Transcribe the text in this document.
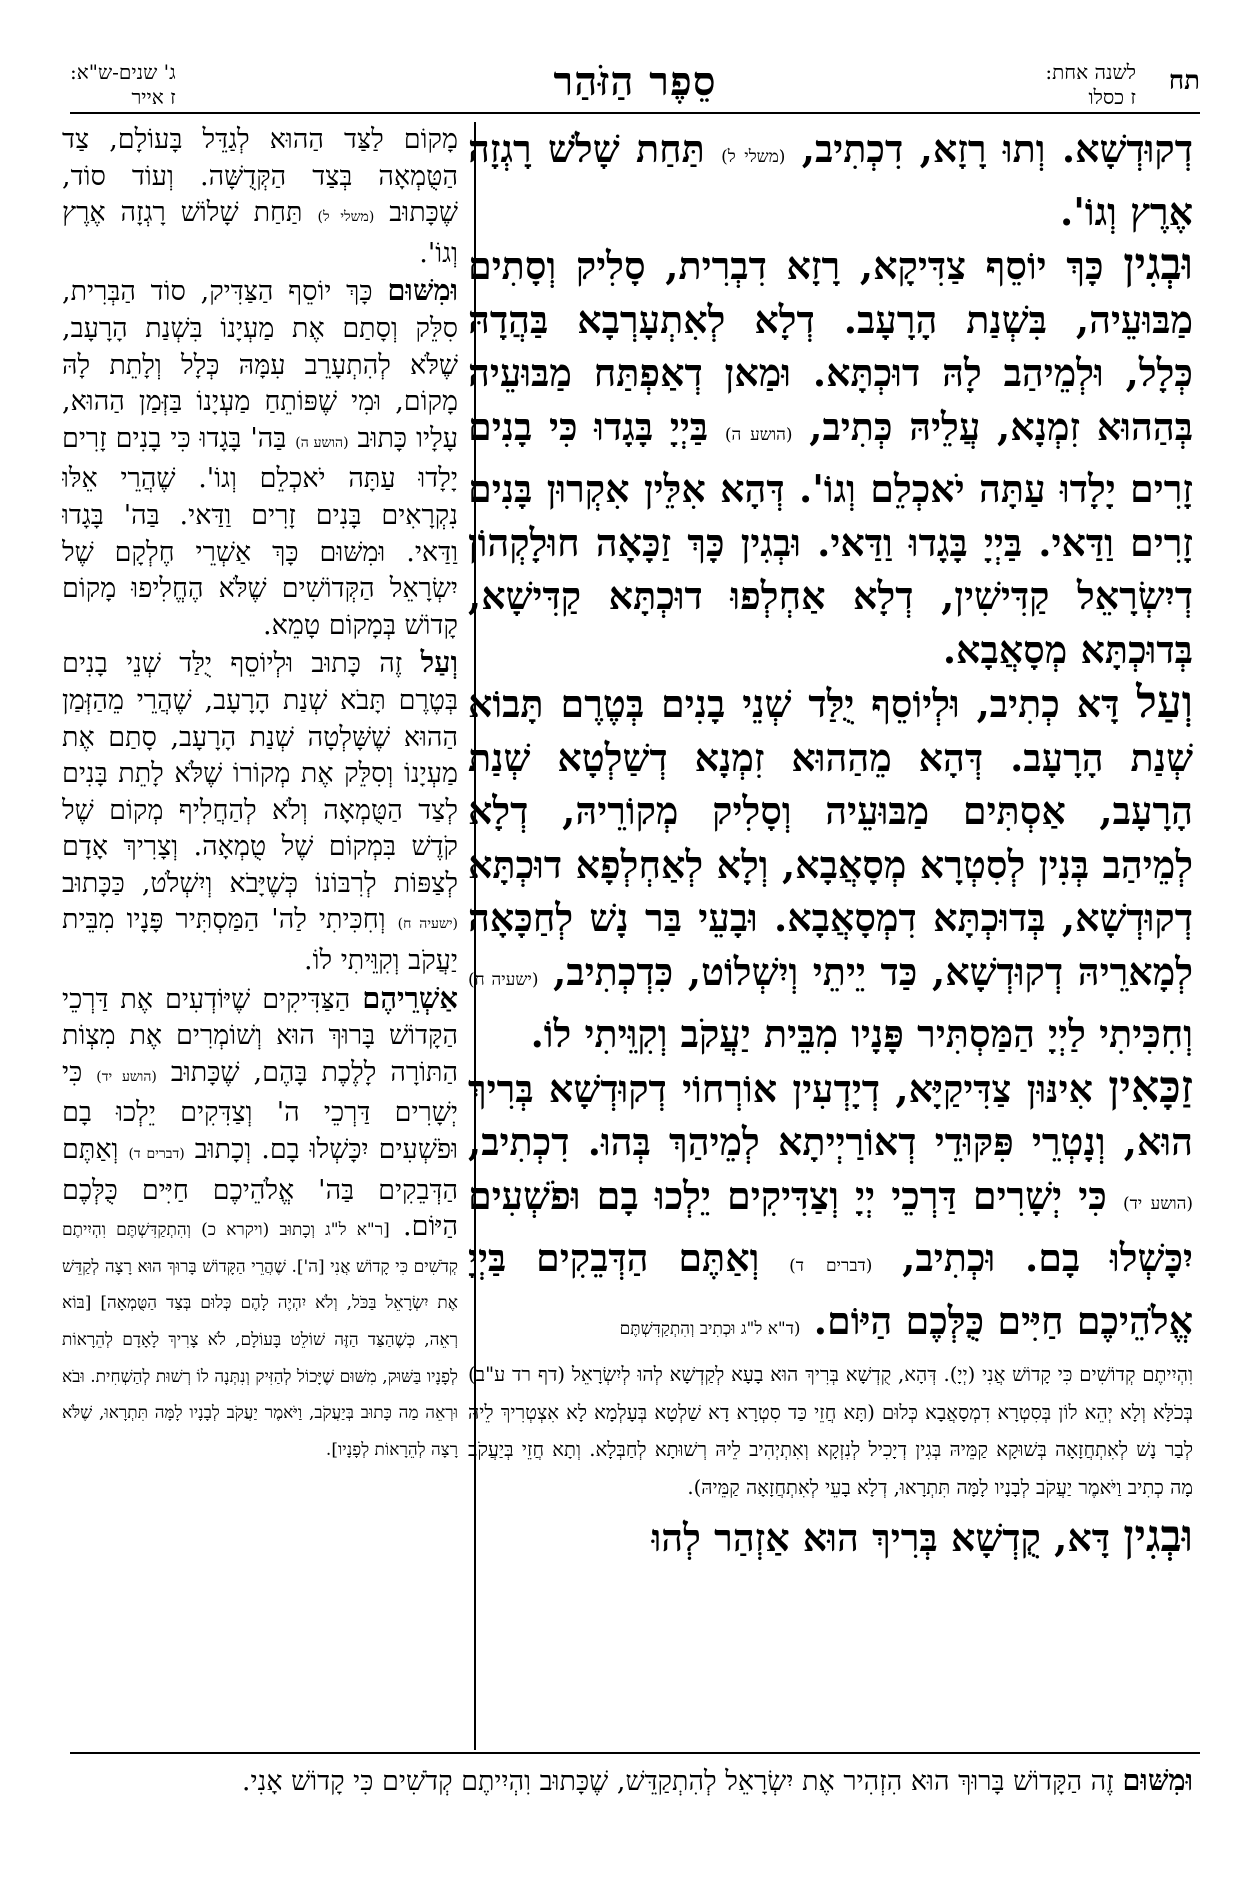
תח
לשנה אחת:
ז כסלו
סֵפֶר הַזֹּהַר
ג' שנים-ש"א:
ז אייר

דְקוּדְשָׁא. וְתוּ רָזָא, דִכְתִיב, (משלי ל) תַּחַת שָׁלֹשׁ רָגְזָה אֶרֶץ וְגוֹ'.

וּבְגִין כָּךְ יוֹסֵף צַדִּיקָא, רָזָא דִבְרִית, סָלִיק וְסָתִים מַבּוּעֵיה, בִּשְׁנַת הָרָעָב. דְלָא לְאִתְעָרְבָא בַּהֲדָהּ כְּלָל, וּלְמֵיהַב לָהּ דוּכְתָּא. וּמַאן דְאַפְתַּח מַבּוּעֵיה בְּהַהוּא זִמְנָא, עֲלֵיהּ כְּתִיב, (הושע ה) בַּיְיָ בָּגָדוּ כִּי בָנִים זָרִים יָלָדוּ עַתָּה יֹאכְלֵם וְגוֹ'. דְּהָא אִלֵּין אִקְרוּן בָּנִים זָרִים וַדַּאי. בַּיְיָ בָּגָדוּ וַדַּאי. וּבְגִין כָּךְ זַכָּאָה חוּלָקְהוֹן דְיִשְׂרָאֵל קַדִּישִׁין, דְלָא אַחְלְפוּ דוּכְתָּא קַדִּישָׁא, בְּדוּכְתָּא מְסָאֲבָא.

וְעַל דָּא כְתִיב, וּלְיוֹסֵף יֻלַּד שְׁנֵי בָנִים בְּטֶרֶם תָּבוֹא שְׁנַת הָרָעָב. דְּהָא מֵהַהוּא זִמְנָא דְשַׁלְטָא שְׁנַת הָרָעָב, אַסְתִּים מַבּוּעֵיה וְסָלִיק מְקוֹרֵיהּ, דְלָא לְמֵיהַב בְּנִין לְסִטְרָא מְסָאֲבָא, וְלָא לְאַחְלְפָא דוּכְתָּא דְקוּדְשָׁא, בְּדוּכְתָּא דִמְסָאֲבָא. וּבָעֵי בַּר נָשׁ לְחַכָּאָה לְמָארֵיהּ דְקוּדְשָׁא, כַּד יֵיתֵי וְיִשְׁלוֹט, כִּדְכְתִיב, (ישעיה ח) וְחִכִּיתִי לַיְיָ הַמַּסְתִּיר פָּנָיו מִבֵּית יַעֲקֹב וְקִוֵּיתִי לוֹ.

זַכָּאִין אִינּוּן צַדִּיקַיָּא, דְיָדְעִין אוֹרְחוֹי דְקוּדְשָׁא בְּרִיךְ הוּא, וְנָטְרֵי פִּקּוּדֵי דְאוֹרַיְיתָא לְמֵיהַךְ בְּהוּ. דִכְתִיב, (הושע יד) כִּי יְשָׁרִים דַּרְכֵי יְיָ וְצַדִּיקִים יֵלְכוּ בָם וּפֹשְׁעִים יִכָּשְׁלוּ בָם. וּכְתִיב, (דברים ד) וְאַתֶּם הַדְּבֵקִים בַּיְיָ אֱלֹהֵיכֶם חַיִּים כֻּלְּכֶם הַיּוֹם. (ד"א ל"ג וּכְתִיב וְהִתְקַדִּשְׁתֶּם

וִהְיִיתֶם קְדוֹשִׁים כִּי קָדוֹשׁ אֲנִי (יְיָ). דְּהָא, קֻדְשָׁא בְּרִיךְ הוּא בָעָא לְקַדְשָׁא לְהוּ לְיִשְׂרָאֵל (דף רד ע"ב) בְּכֹלָּא וְלָא יְהֵא לוֹן בְּסִטְרָא דִמְסָאֲבָא כְּלוּם (תָּא חֲזֵי כַּד סִטְרָא דָא שַׁלְטָא בְּעָלְמָא לָא אִצְטְרִיךְ לֵיהּ לְבַר נָשׁ לְאִתְחֲזָאָה בְּשׁוּקָא קַמֵּיהּ בְּגִין דְיָכִיל לְנִזְקָא וְאִתְיְהִיב לֵיהּ רְשׁוּתָא לְחַבְּלָא. וְתָא חֲזֵי בְּיַעֲקֹב מָה כְתִיב וַיֹּאמֶר יַעֲקֹב לְבָנָיו לָמָּה תִּתְרָאוּ, דְלָא בָעֵי לְאִתְחֲזָאָה קַמֵּיהּ).

וּבְגִין דָּא, קֻדְשָׁא בְּרִיךְ הוּא אַזְהַר לְהוּ

מָקוֹם לַצַּד הַהוּא לְגַדֵּל בָּעוֹלָם, צַד הַטֻּמְאָה בְּצַד הַקְּדֻשָּׁה. וְעוֹד סוֹד, שֶׁכָּתוּב (משלי ל) תַּחַת שָׁלוֹשׁ רָגְזָה אֶרֶץ וְגוֹ'.

וּמִשּׁוּם כָּךְ יוֹסֵף הַצַּדִּיק, סוֹד הַבְּרִית, סִלֵּק וְסָתַם אֶת מַעְיָנוֹ בִּשְׁנַת הָרָעָב, שֶׁלֹּא לְהִתְעָרֵב עִמָּהּ כְּלָל וְלָתֵת לָהּ מָקוֹם, וּמִי שֶׁפּוֹתֵחַ מַעְיָנוֹ בַּזְּמַן הַהוּא, עָלָיו כָּתוּב (הושע ה) בַּה' בָּגָדוּ כִּי בָנִים זָרִים יָלָדוּ עַתָּה יֹאכְלֵם וְגוֹ'. שֶׁהֲרֵי אֵלּוּ נִקְרָאִים בָּנִים זָרִים וַדַּאי. בַּה' בָּגָדוּ וַדַּאי. וּמִשּׁוּם כָּךְ אַשְׁרֵי חֶלְקָם שֶׁל יִשְׂרָאֵל הַקְּדוֹשִׁים שֶׁלֹּא הֶחֱלִיפוּ מָקוֹם קָדוֹשׁ בְּמָקוֹם טָמֵא.

וְעַל זֶה כָּתוּב וּלְיוֹסֵף יֻלַּד שְׁנֵי בָנִים בְּטֶרֶם תָּבֹא שְׁנַת הָרָעָב, שֶׁהֲרֵי מֵהַזְּמַן הַהוּא שֶׁשָּׁלְטָה שְׁנַת הָרָעָב, סָתַם אֶת מַעְיָנוֹ וְסִלֵּק אֶת מְקוֹרוֹ שֶׁלֹּא לָתֵת בָּנִים לְצַד הַטֻּמְאָה וְלֹא לְהַחֲלִיף מְקוֹם שֶׁל קֹדֶשׁ בִּמְקוֹם שֶׁל טֻמְאָה. וְצָרִיךְ אָדָם לְצַפּוֹת לְרִבּוֹנוֹ כְּשֶׁיָּבֹא וְיִשְׁלֹט, כַּכָּתוּב (ישעיה ח) וְחִכִּיתִי לַה' הַמַּסְתִּיר פָּנָיו מִבֵּית יַעֲקֹב וְקִוֵּיתִי לוֹ.

אַשְׁרֵיהֶם הַצַּדִּיקִים שֶׁיּוֹדְעִים אֶת דַּרְכֵי הַקָּדוֹשׁ בָּרוּךְ הוּא וְשׁוֹמְרִים אֶת מִצְוֹת הַתּוֹרָה לָלֶכֶת בָּהֶם, שֶׁכָּתוּב (הושע יד) כִּי יְשָׁרִים דַּרְכֵי ה' וְצַדִּקִים יֵלְכוּ בָם וּפֹשְׁעִים יִכָּשְׁלוּ בָם. וְכָתוּב (דברים ד) וְאַתֶּם הַדְּבֵקִים בַּה' אֱלֹהֵיכֶם חַיִּים כֻּלְּכֶם הַיּוֹם. [ר"א ל"ג וְכָתוּב (ויקרא כ) וְהִתְקַדִּשְׁתֶּם וִהְיִיתֶם קְדֹשִׁים כִּי קָדוֹשׁ אֲנִי [ה']. שֶׁהֲרֵי הַקָּדוֹשׁ בָּרוּךְ הוּא רָצָה לְקַדֵּשׁ אֶת יִשְׂרָאֵל בַּכֹּל, וְלֹא יִהְיֶה לָהֶם כְּלוּם בְּצַד הַטֻּמְאָה] [בּוֹא רְאֵה, כְּשֶׁהַצַּד הַזֶּה שׁוֹלֵט בָּעוֹלָם, לֹא צָרִיךְ לָאָדָם לְהֵרָאוֹת לְפָנָיו בַּשּׁוּק, מִשּׁוּם שֶׁיָּכוֹל לְהַזִּיק וְנִתְּנָה לוֹ רְשׁוּת לְהַשְׁחִית. וּבֹא וּרְאֵה מַה כָּתוּב בְּיַעֲקֹב, וַיֹּאמֶר יַעֲקֹב לְבָנָיו לָמָּה תִּתְרָאוּ, שֶׁלֹּא רָצָה לְהֵרָאוֹת לְפָנָיו].

וּמִשּׁוּם זֶה הַקָּדוֹשׁ בָּרוּךְ הוּא הִזְהִיר אֶת יִשְׂרָאֵל לְהִתְקַדֵּשׁ, שֶׁכָּתוּב וִהְיִיתֶם קְדֹשִׁים כִּי קָדוֹשׁ אָנִי.
